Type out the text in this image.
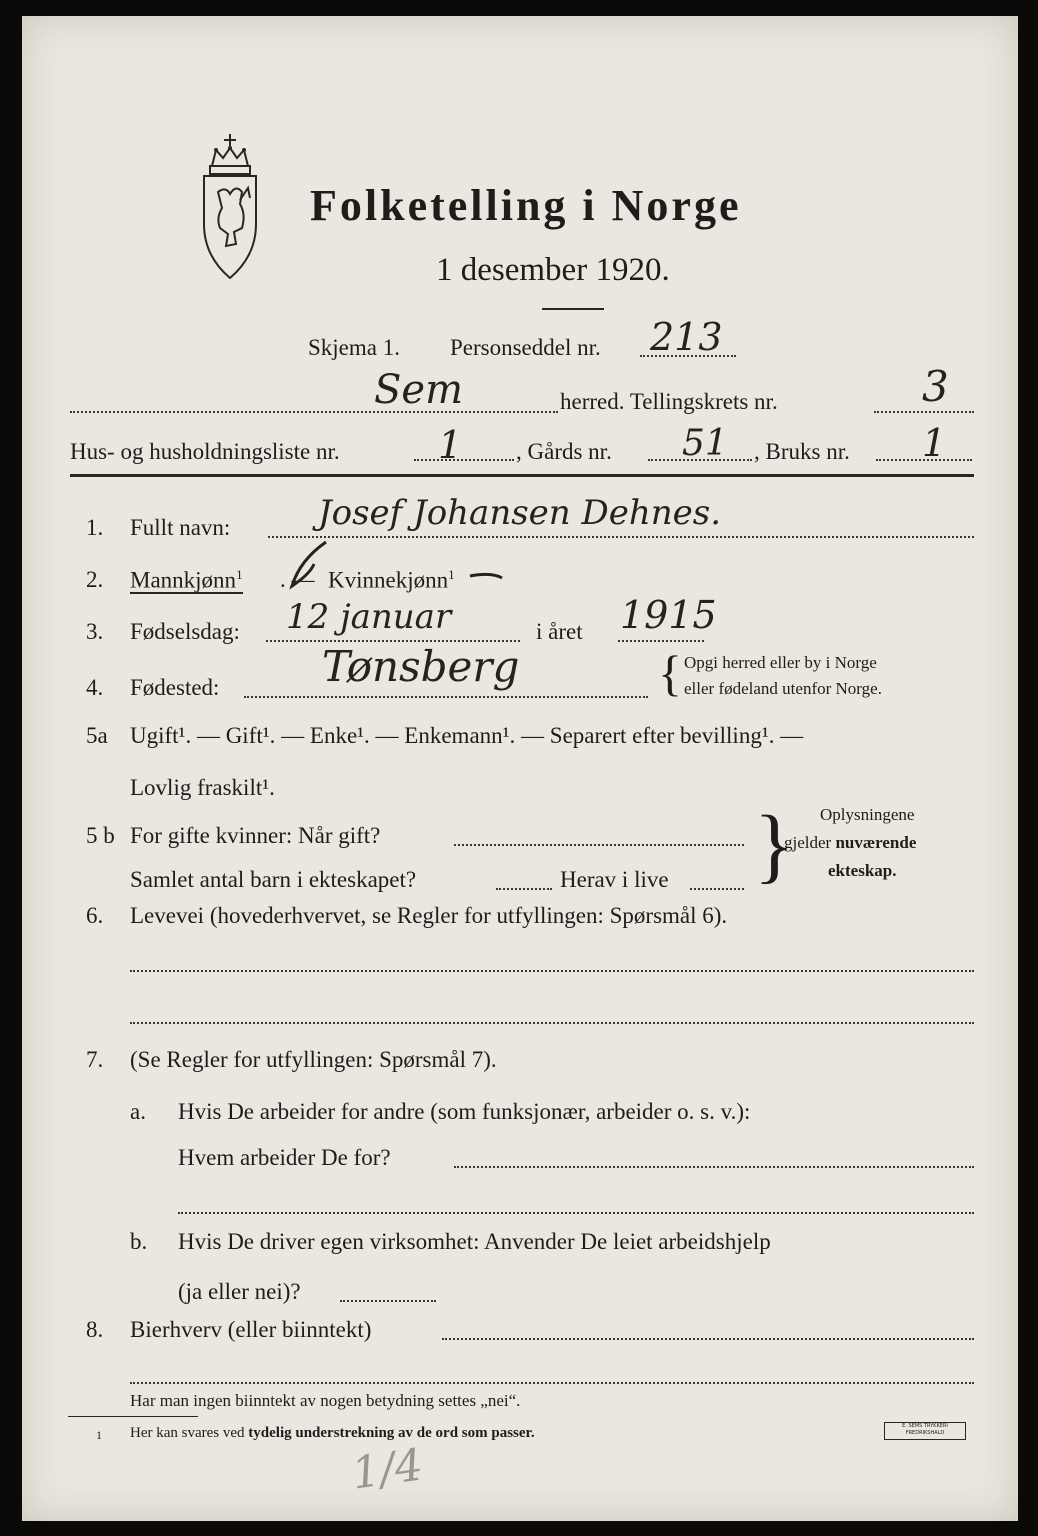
Folketelling i Norge
1 desember 1920.
Skjema 1. Personseddel nr. 213
Sem	herred. Tellingskrets nr.	3
Hus- og husholdningsliste nr.	1 , Gårds nr. 51 , Bruks nr. 1
1. Fullt navn:	Josef Johansen Dehnes.
2. Mannkjønn$^1$ . — Kvinnekjønn$^1$
3. Fødselsdag: 12 januar	i året 1915
4. Fødested: Tønsberg	{ Opgi herred eller by i Norge
eller fødeland utenfor Norge.
5a Ugift¹. — Gift¹. — Enke¹. — Enkemann¹. — Separert efter bevilling¹. —
Lovlig fraskilt¹.
5 b For gifte kvinner: Når gift?
Samlet antal barn i ekteskapet?	Herav i live } Oplysningene
gjelder nuværende
ekteskap.
6. Levevei (hovederhvervet, se Regler for utfyllingen: Spørsmål 6).
7. (Se Regler for utfyllingen: Spørsmål 7).
a. Hvis De arbeider for andre (som funksjonær, arbeider o. s. v.):
Hvem arbeider De for?
b. Hvis De driver egen virksomhet: Anvender De leiet arbeidshjelp
(ja eller nei)?
8. Bierhverv (eller biinntekt)
Har man ingen biinntekt av nogen betydning settes „nei“.
1 Her kan svares ved tydelig understrekning av de ord som passer.	E. SEMS TRYKKERI FREDRIKSHALD
1/4
